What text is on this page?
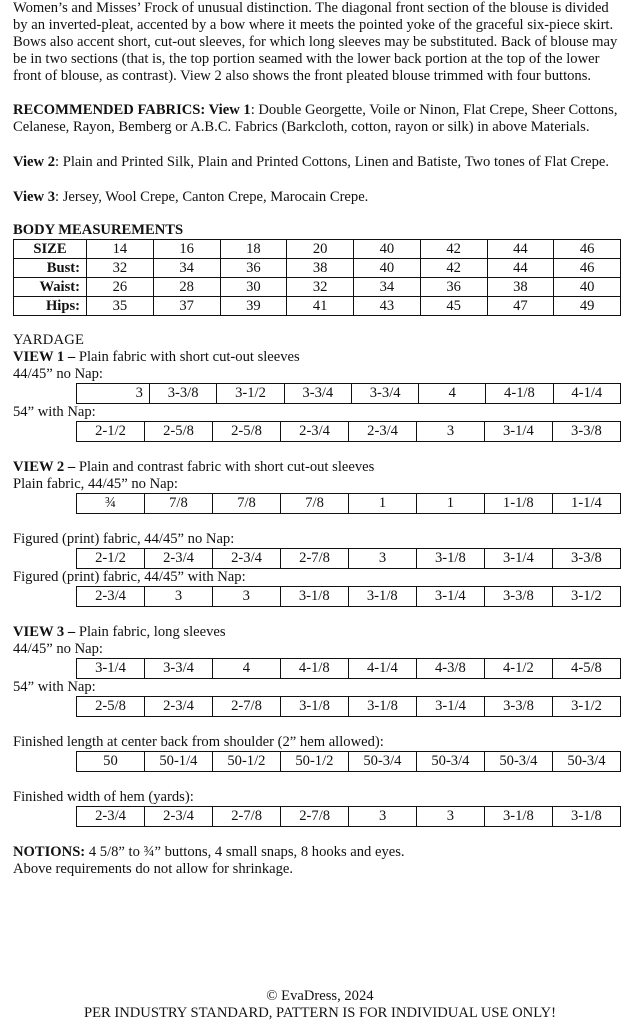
Women’s and Misses’ Frock of unusual distinction. The diagonal front section of the blouse is divided by an inverted-pleat, accented by a bow where it meets the pointed yoke of the graceful six-piece skirt. Bows also accent short, cut-out sleeves, for which long sleeves may be substituted. Back of blouse may be in two sections (that is, the top portion seamed with the lower back portion at the top of the lower front of blouse, as contrast). View 2 also shows the front pleated blouse trimmed with four buttons.

RECOMMENDED FABRICS: View 1: Double Georgette, Voile or Ninon, Flat Crepe, Sheer Cottons, Celanese, Rayon, Bemberg or A.B.C. Fabrics (Barkcloth, cotton, rayon or silk) in above Materials.

View 2: Plain and Printed Silk, Plain and Printed Cottons, Linen and Batiste, Two tones of Flat Crepe.

View 3: Jersey, Wool Crepe, Canton Crepe, Marocain Crepe.

BODY MEASUREMENTS

SIZE	14	16	18	20	40	42	44	46
Bust:	32	34	36	38	40	42	44	46
Waist:	26	28	30	32	34	36	38	40
Hips:	35	37	39	41	43	45	47	49

YARDAGE

VIEW 1 – Plain fabric with short cut-out sleeves

44/45” no Nap:

3	3-3/8	3-1/2	3-3/4	3-3/4	4	4-1/8	4-1/4

54” with Nap:

2-1/2	2-5/8	2-5/8	2-3/4	2-3/4	3	3-1/4	3-3/8

VIEW 2 – Plain and contrast fabric with short cut-out sleeves

Plain fabric, 44/45” no Nap:

¾	7/8	7/8	7/8	1	1	1-1/8	1-1/4

Figured (print) fabric, 44/45” no Nap:

2-1/2	2-3/4	2-3/4	2-7/8	3	3-1/8	3-1/4	3-3/8

Figured (print) fabric, 44/45” with Nap:

2-3/4	3	3	3-1/8	3-1/8	3-1/4	3-3/8	3-1/2

VIEW 3 – Plain fabric, long sleeves

44/45” no Nap:

3-1/4	3-3/4	4	4-1/8	4-1/4	4-3/8	4-1/2	4-5/8

54” with Nap:

2-5/8	2-3/4	2-7/8	3-1/8	3-1/8	3-1/4	3-3/8	3-1/2

Finished length at center back from shoulder (2” hem allowed):

50	50-1/4	50-1/2	50-1/2	50-3/4	50-3/4	50-3/4	50-3/4

Finished width of hem (yards):

2-3/4	2-3/4	2-7/8	2-7/8	3	3	3-1/8	3-1/8

NOTIONS: 4 5/8” to ¾” buttons, 4 small snaps, 8 hooks and eyes.

Above requirements do not allow for shrinkage.

© EvaDress, 2024
PER INDUSTRY STANDARD, PATTERN IS FOR INDIVIDUAL USE ONLY!
